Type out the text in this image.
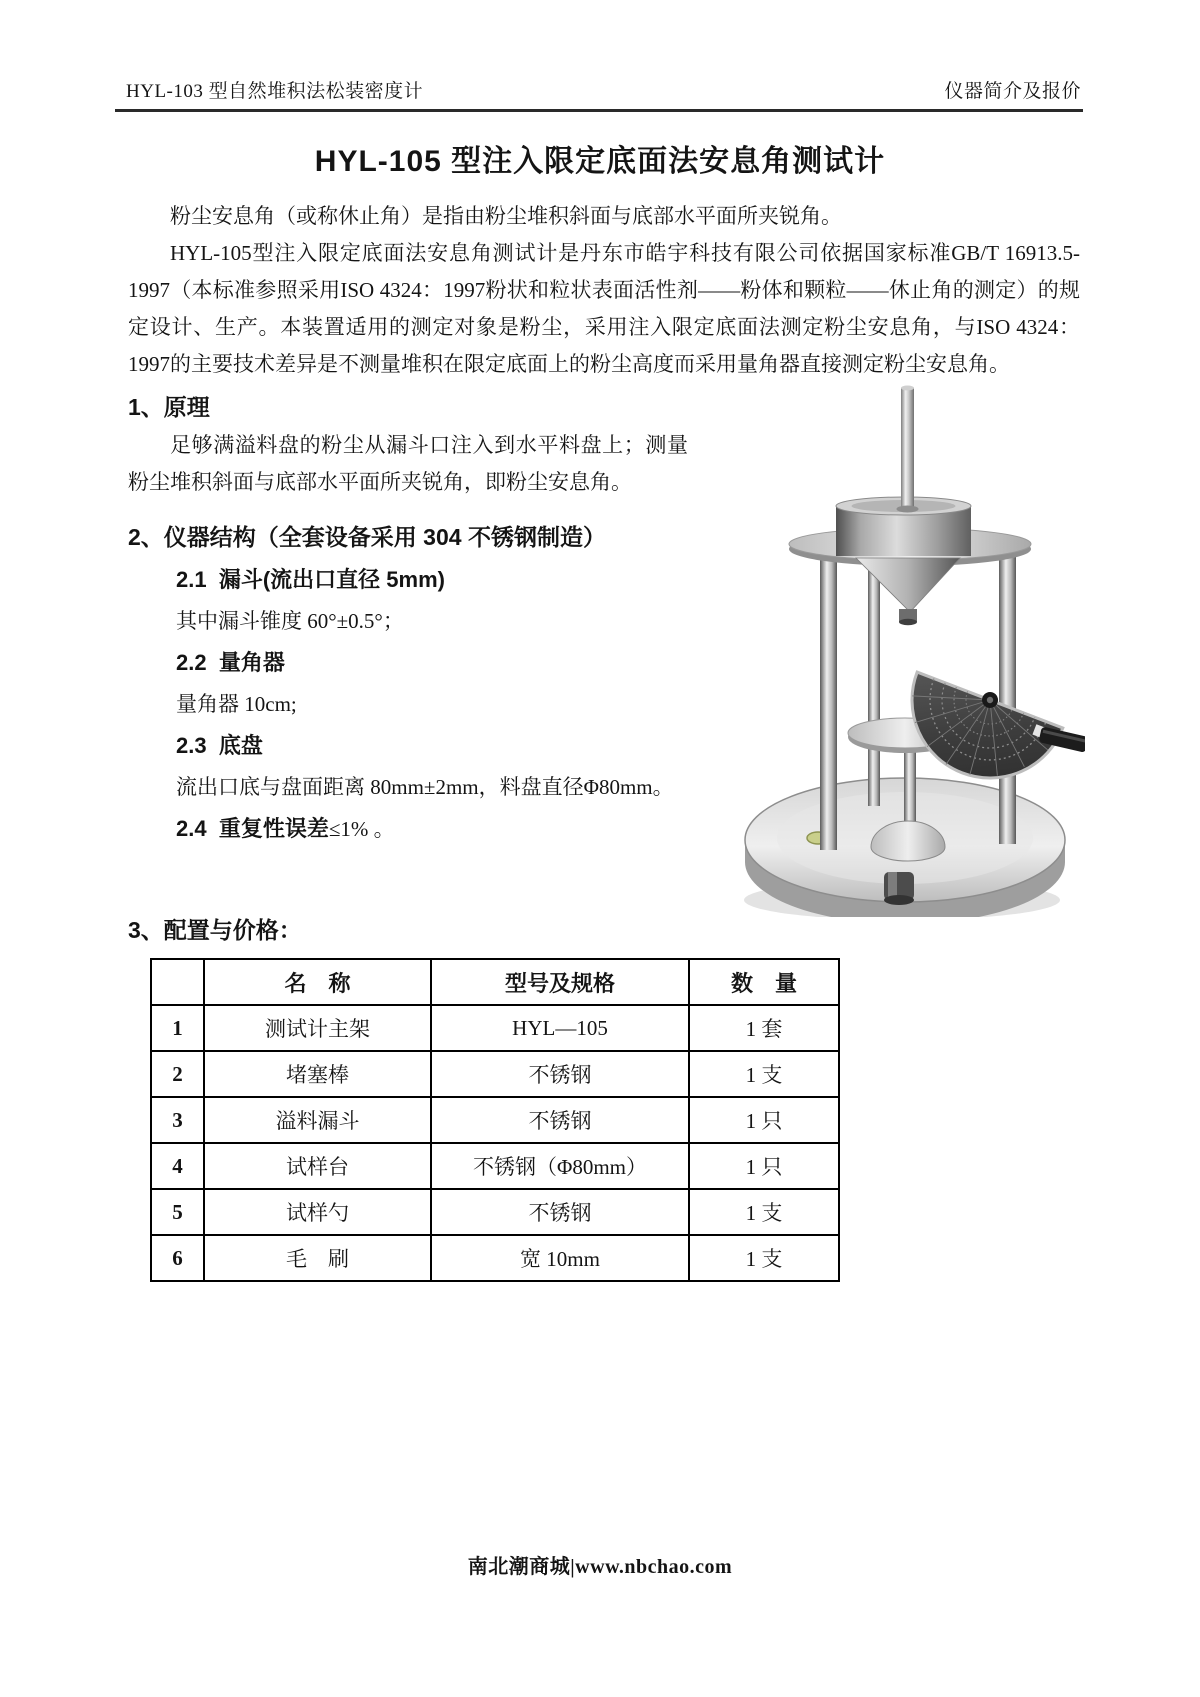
HYL-103 型自然堆积法松装密度计	仪器简介及报价
HYL-105 型注入限定底面法安息角测试计

粉尘安息角（或称休止角）是指由粉尘堆积斜面与底部水平面所夹锐角。

HYL-105型注入限定底面法安息角测试计是丹东市皓宇科技有限公司依据国家标准GB/T 16913.5-1997（本标准参照采用ISO 4324：1997粉状和粒状表面活性剂——粉体和颗粒——休止角的测定）的规定设计、生产。本装置适用的测定对象是粉尘，采用注入限定底面法测定粉尘安息角，与ISO 4324：1997的主要技术差异是不测量堆积在限定底面上的粉尘高度而采用量角器直接测定粉尘安息角。

1、原理

足够满溢料盘的粉尘从漏斗口注入到水平料盘上；测量粉尘堆积斜面与底部水平面所夹锐角，即粉尘安息角。

2、仪器结构（全套设备采用 304 不锈钢制造）
2.1 漏斗(流出口直径 5mm)
其中漏斗锥度 60°±0.5°；
2.2 量角器
量角器 10cm;
2.3 底盘
流出口底与盘面距离 80mm±2mm，料盘直径Φ80mm。
2.4 重复性误差≤1% 。
3、配置与价格：
	名　称	型号及规格	数　量
1	测试计主架	HYL—105	1 套
2	堵塞棒	不锈钢	1 支
3	溢料漏斗	不锈钢	1 只
4	试样台	不锈钢（Φ80mm）	1 只
5	试样勺	不锈钢	1 支
6	毛　刷	宽 10mm	1 支
南北潮商城|www.nbchao.com
